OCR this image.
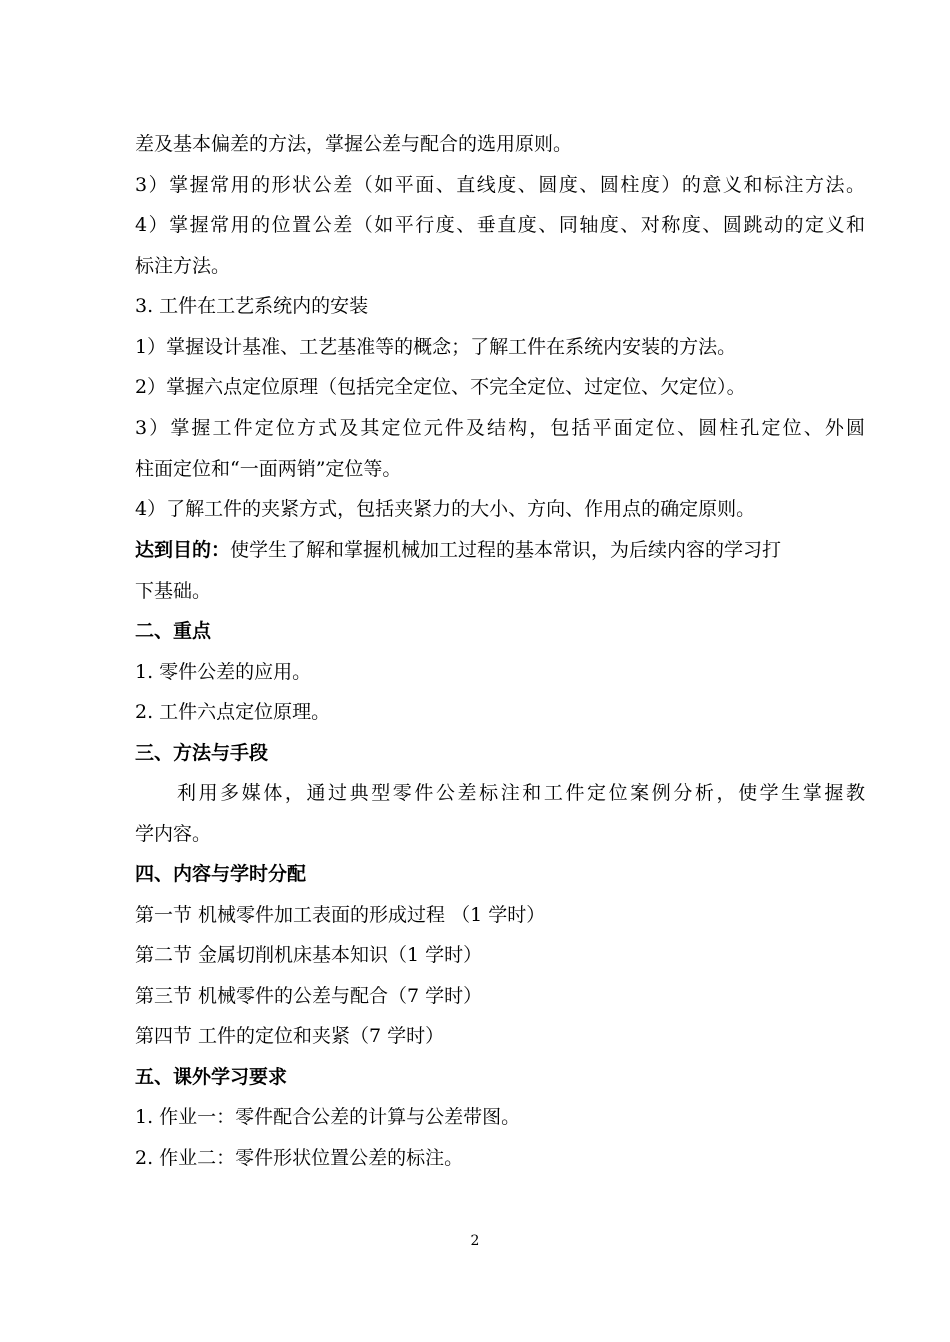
差及基本偏差的方法，掌握公差与配合的选用原则。
3）掌握常用的形状公差（如平面、直线度、圆度、圆柱度）的意义和标注方法。
4）掌握常用的位置公差（如平行度、垂直度、同轴度、对称度、圆跳动的定义和
标注方法。
3. 工件在工艺系统内的安装
1）掌握设计基准、工艺基准等的概念；了解工件在系统内安装的方法。
2）掌握六点定位原理（包括完全定位、不完全定位、过定位、欠定位）。
3）掌握工件定位方式及其定位元件及结构，包括平面定位、圆柱孔定位、外圆
柱面定位和“一面两销”定位等。
4）了解工件的夹紧方式，包括夹紧力的大小、方向、作用点的确定原则。
达到目的：使学生了解和掌握机械加工过程的基本常识，为后续内容的学习打
下基础。
二、重点
1. 零件公差的应用。
2. 工件六点定位原理。
三、方法与手段
利用多媒体，通过典型零件公差标注和工件定位案例分析，使学生掌握教
学内容。
四、内容与学时分配
第一节 机械零件加工表面的形成过程 （1 学时）
第二节 金属切削机床基本知识（1 学时）
第三节 机械零件的公差与配合（7 学时）
第四节 工件的定位和夹紧（7 学时）
五、课外学习要求
1. 作业一：零件配合公差的计算与公差带图。
2. 作业二：零件形状位置公差的标注。
2
